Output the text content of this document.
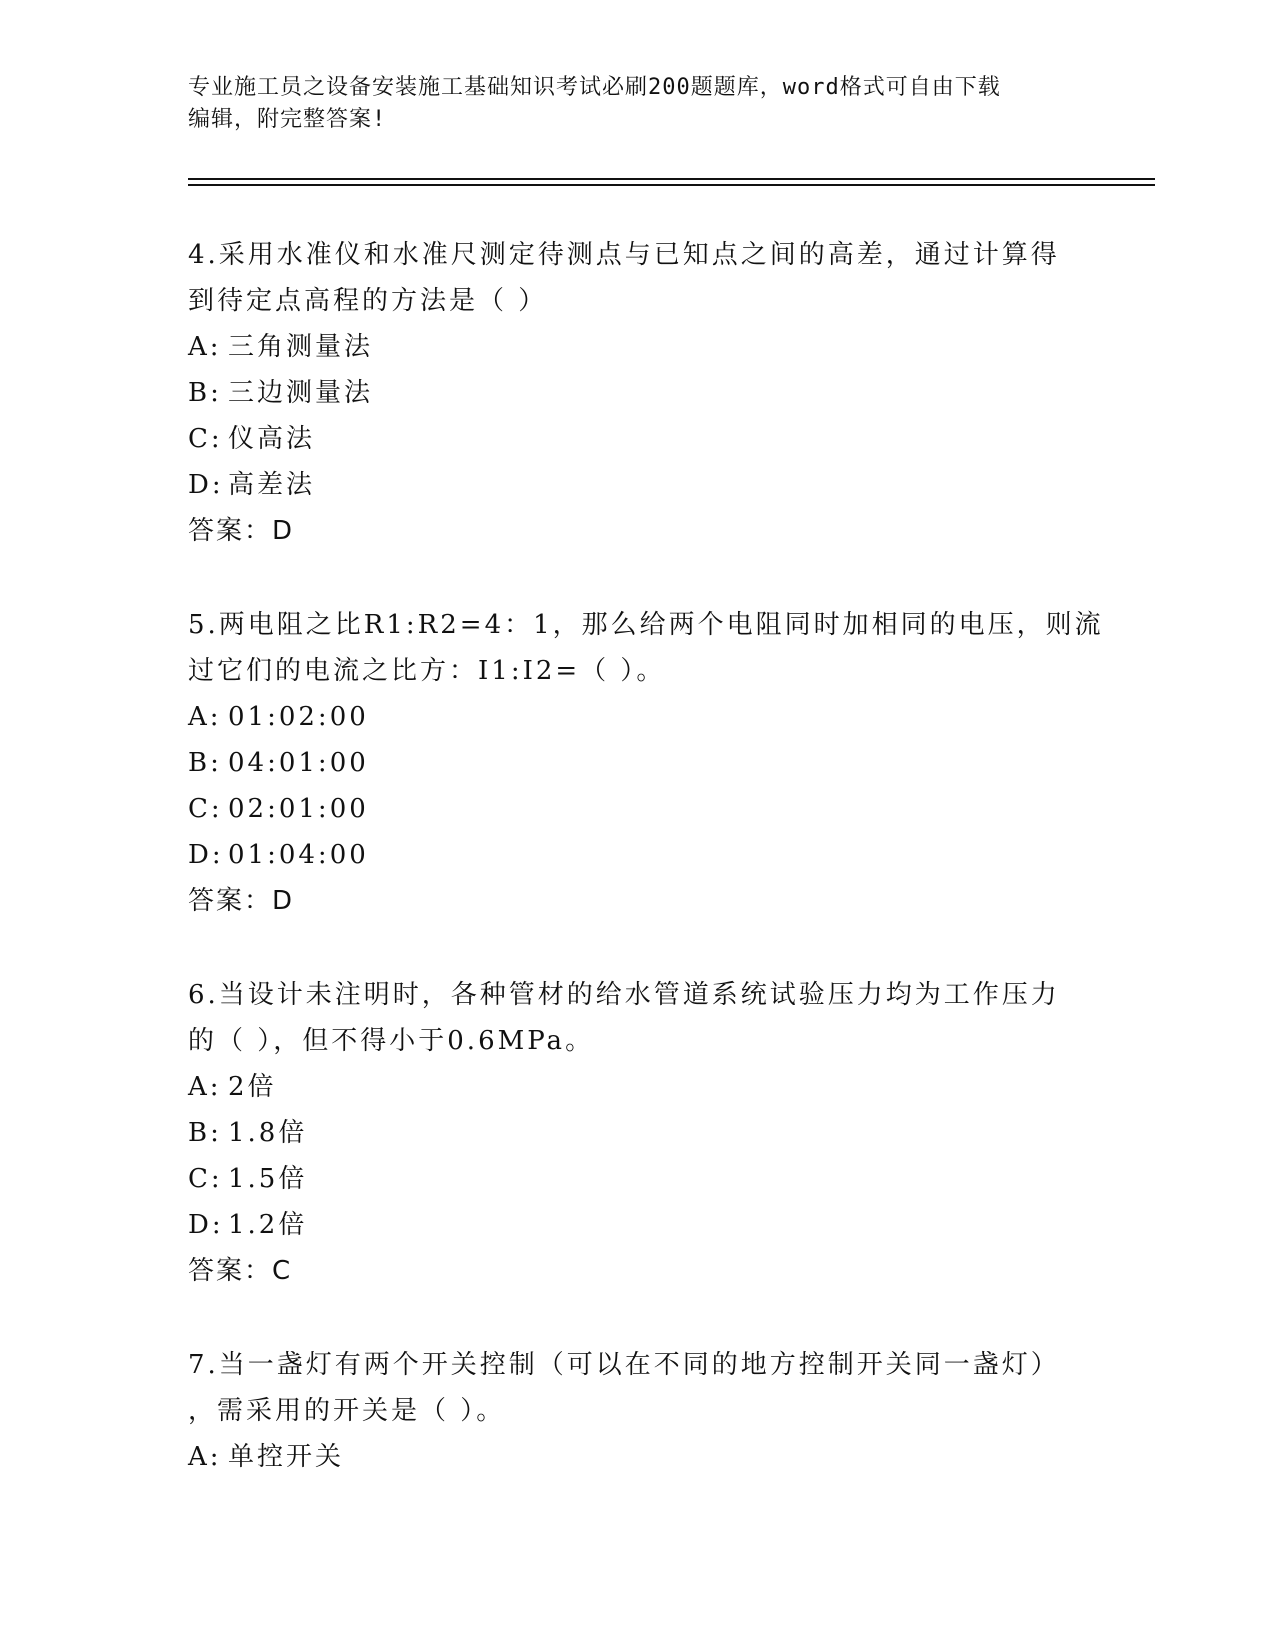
专业施工员之设备安装施工基础知识考试必刷200题题库，word格式可自由下载
编辑，附完整答案!
4.采用水准仪和水准尺测定待测点与已知点之间的高差，通过计算得
到待定点高程的方法是（ ）
A: 三角测量法
B: 三边测量法
C: 仪高法
D: 高差法
答案：D
5.两电阻之比R1:R2=4：1，那么给两个电阻同时加相同的电压，则流
过它们的电流之比方：I1:I2=（ ）。
A: 01:02:00
B: 04:01:00
C: 02:01:00
D: 01:04:00
答案：D
6.当设计未注明时，各种管材的给水管道系统试验压力均为工作压力
的（ ），但不得小于0.6MPa。
A: 2倍
B: 1.8倍
C: 1.5倍
D: 1.2倍
答案：C
7.当一盏灯有两个开关控制（可以在不同的地方控制开关同一盏灯）
，需采用的开关是（ ）。
A: 单控开关
